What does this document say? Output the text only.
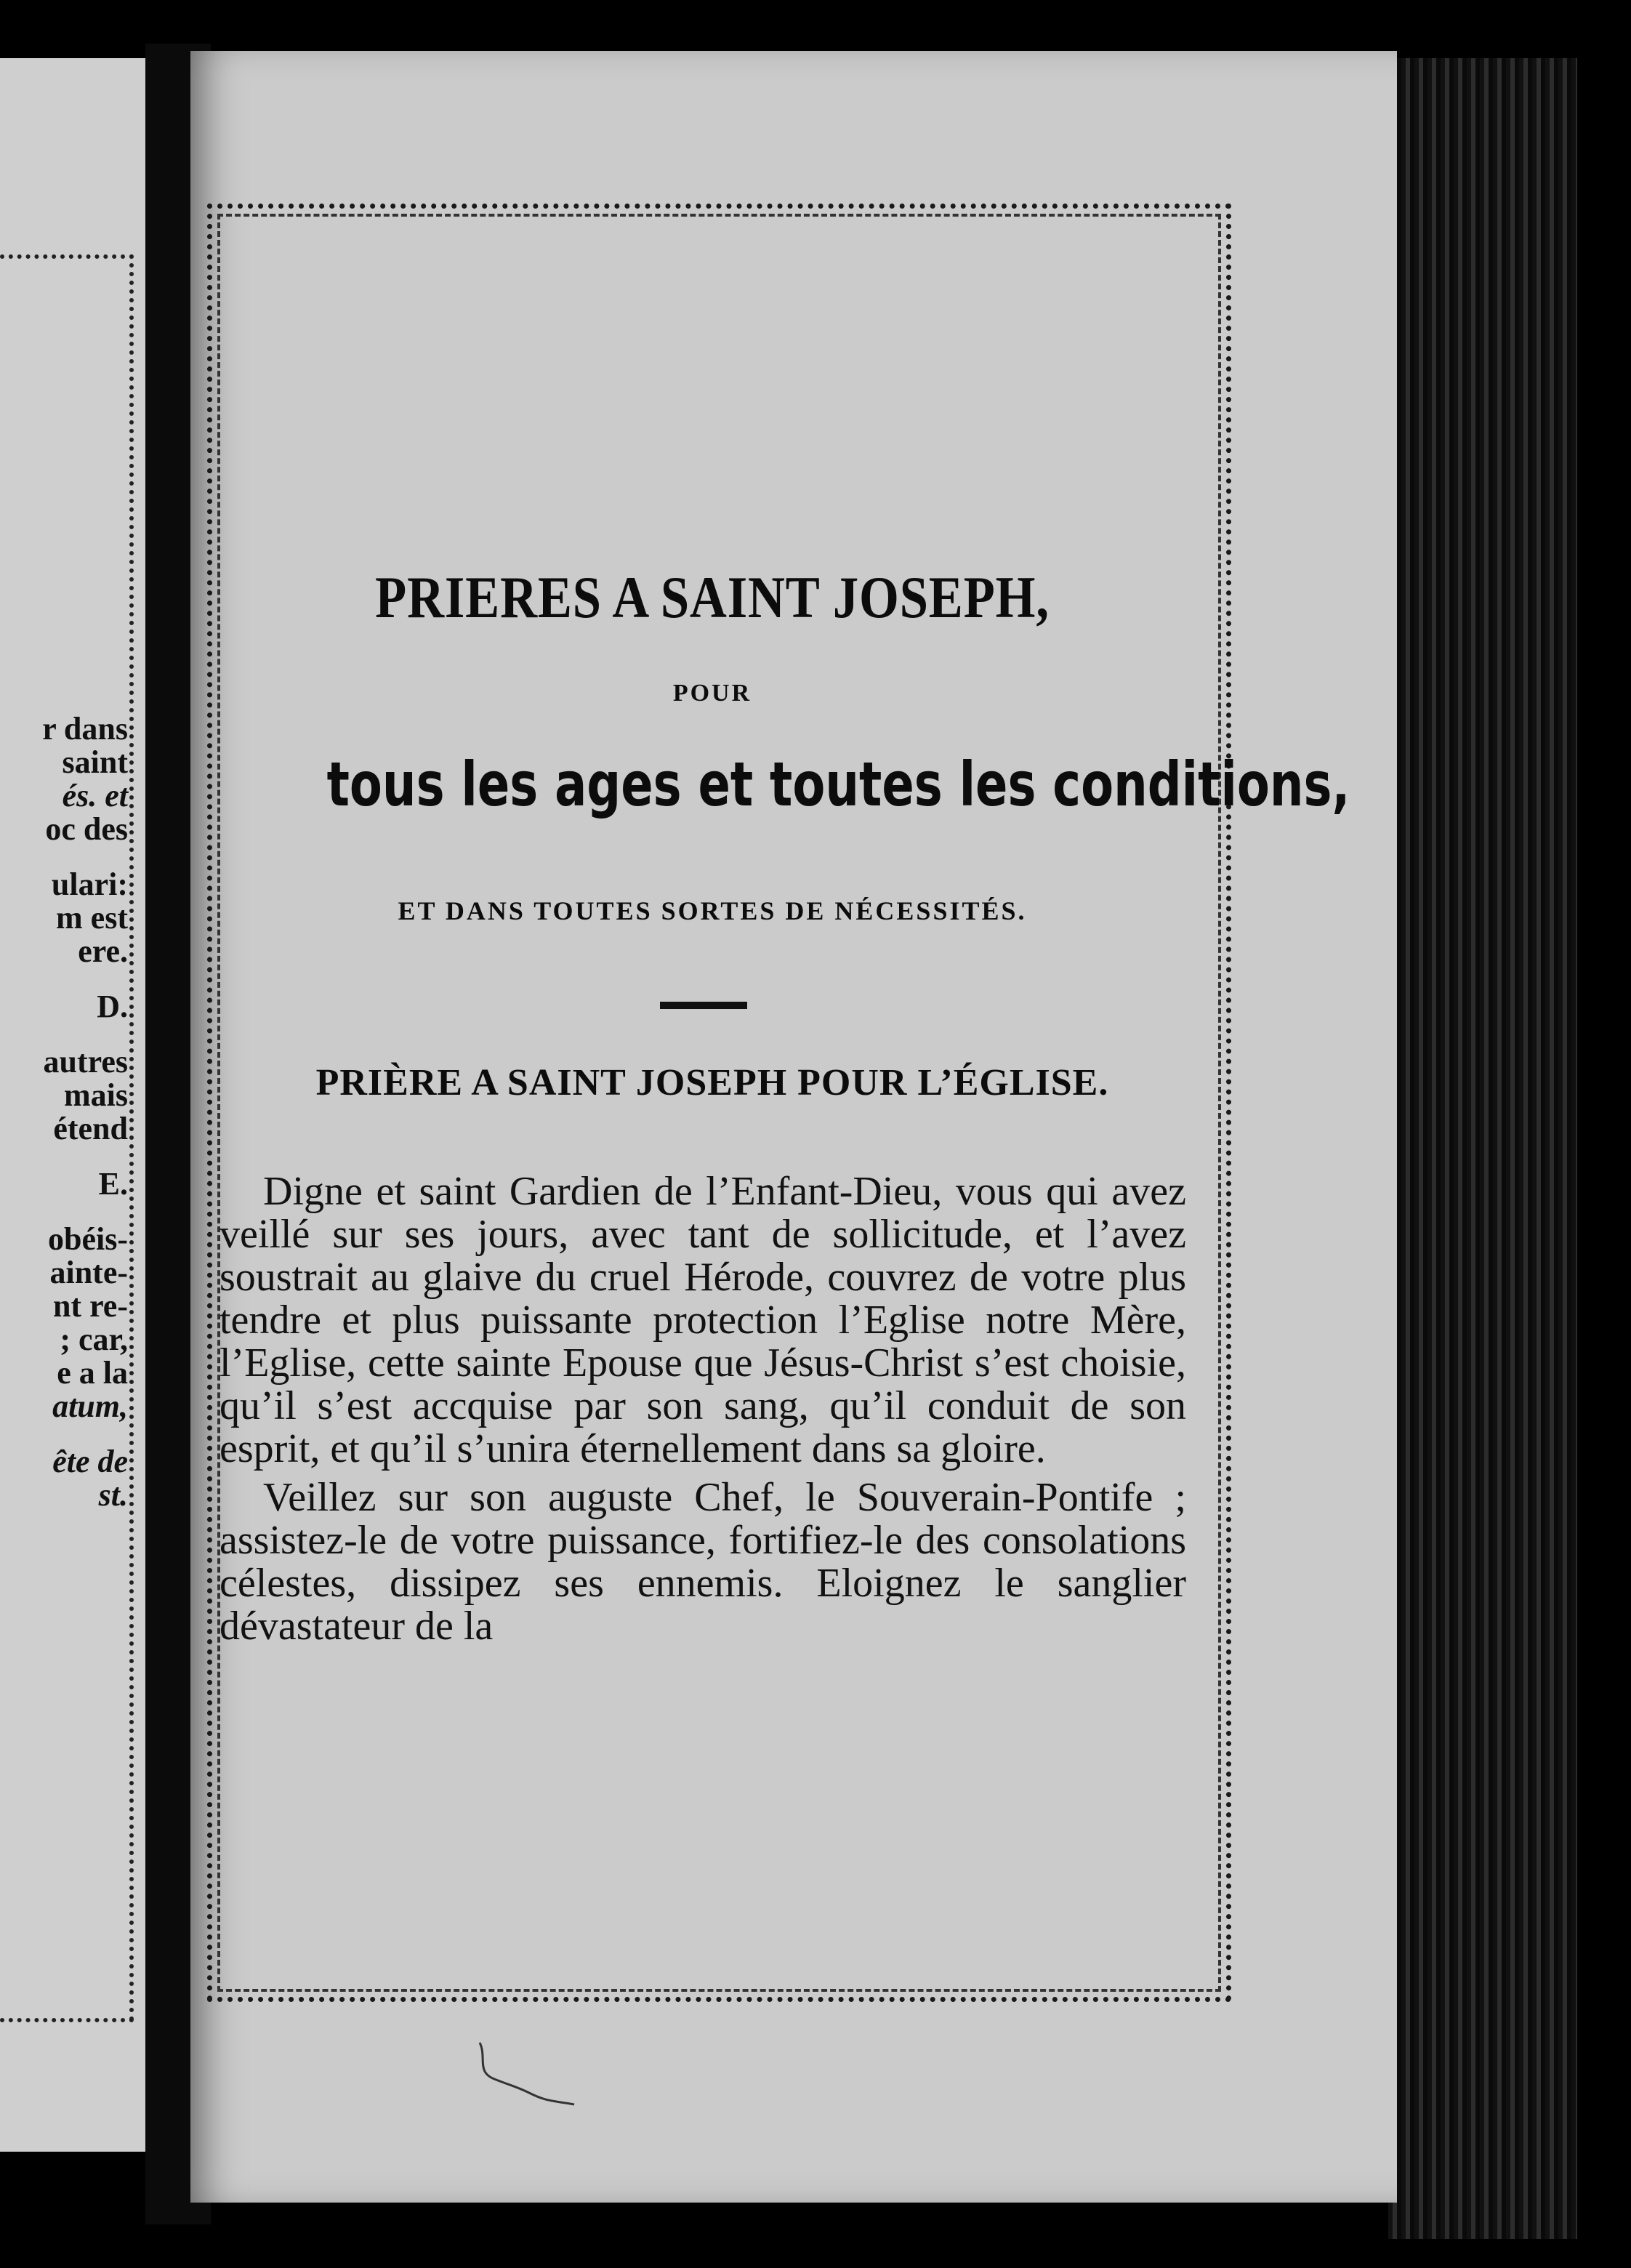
r dans
saint
és. et
oc des
ulari:
m est
ere.
D.
autres
mais
étend
E.
obéis-
ainte-
nt re-
; car,
e a la
atum,
ête de
st.
PRIERES A SAINT JOSEPH,
POUR
tous les ages et toutes les conditions,
ET DANS TOUTES SORTES DE NÉCESSITÉS.
PRIÈRE A SAINT JOSEPH POUR L’ÉGLISE.

Digne et saint Gardien de l’Enfant-Dieu, vous qui avez veillé sur ses jours, avec tant de sollicitude, et l’avez soustrait au glaive du cruel Hérode, couvrez de votre plus tendre et plus puissante protection l’Eglise notre Mère, l’Eglise, cette sainte Epouse que Jésus-Christ s’est choisie, qu’il s’est accquise par son sang, qu’il conduit de son esprit, et qu’il s’unira éternellement dans sa gloire.

Veillez sur son auguste Chef, le Souverain-Pontife ; assistez-le de votre puissance, fortifiez-le des consolations célestes, dissipez ses ennemis. Eloignez le sanglier dévastateur de la
